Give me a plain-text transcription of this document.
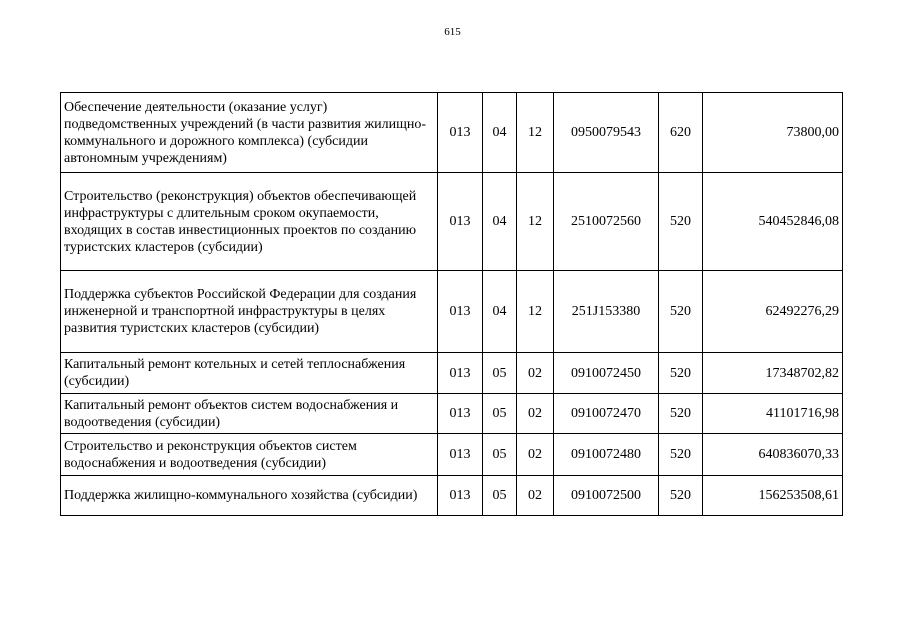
615
Обеспечение деятельности (оказание услуг) подведомственных учреждений (в части развития жилищно-коммунального и дорожного комплекса) (субсидии автономным учреждениям)	013	04	12	0950079543	620	73800,00
Строительство (реконструкция) объектов обеспечивающей инфраструктуры с длительным сроком окупаемости, входящих в состав инвестиционных проектов по созданию туристских кластеров (субсидии)	013	04	12	2510072560	520	540452846,08
Поддержка субъектов Российской Федерации для создания инженерной и транспортной инфраструктуры в целях развития туристских кластеров (субсидии)	013	04	12	251J153380	520	62492276,29
Капитальный ремонт котельных и сетей теплоснабжения (субсидии)	013	05	02	0910072450	520	17348702,82
Капитальный ремонт объектов систем водоснабжения и водоотведения (субсидии)	013	05	02	0910072470	520	41101716,98
Строительство и реконструкция объектов систем водоснабжения и водоотведения (субсидии)	013	05	02	0910072480	520	640836070,33
Поддержка жилищно-коммунального хозяйства (субсидии)	013	05	02	0910072500	520	156253508,61
